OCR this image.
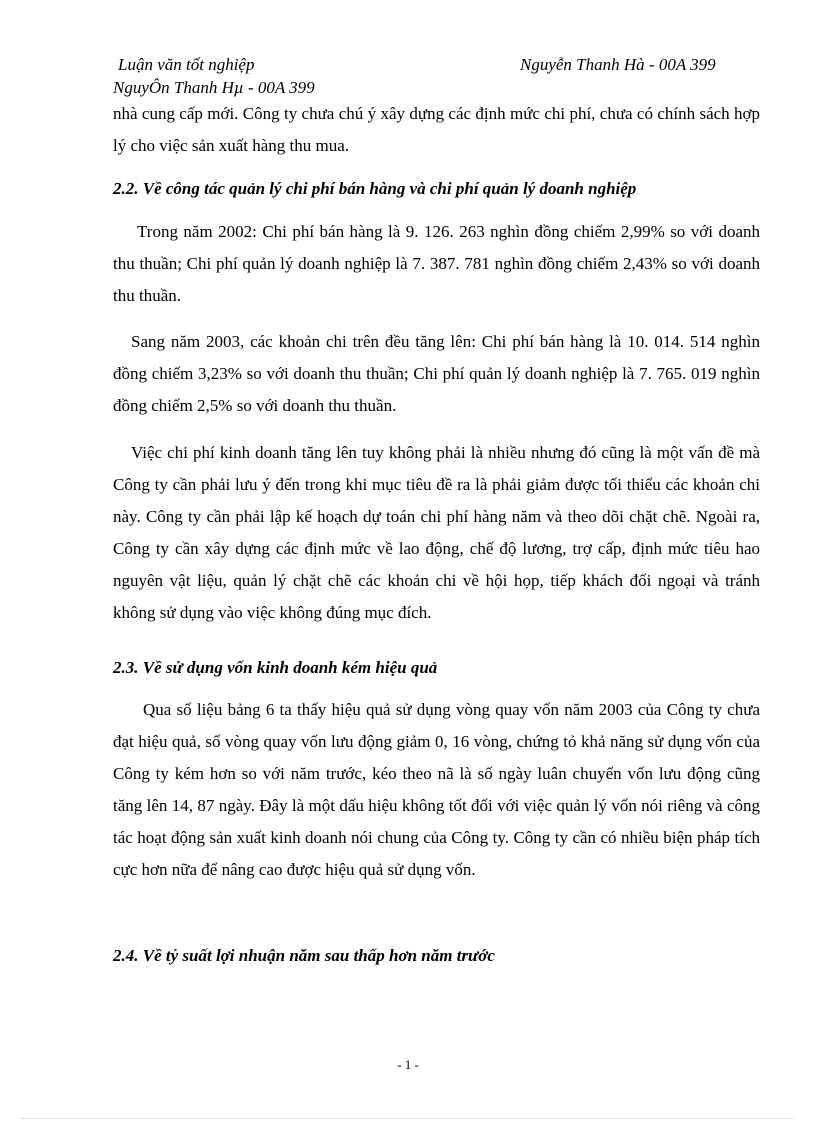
Luận văn tốt nghiệp	Nguyễn Thanh Hà - 00A 399
NguyÔn Thanh Hµ - 00A 399

nhà cung cấp mới. Công ty chưa chú ý xây dựng các định mức chi phí, chưa có chính sách hợp lý cho việc sản xuất hàng thu mua.

2.2. Về công tác quản lý chi phí bán hàng và chi phí quản lý doanh nghiệp

Trong năm 2002: Chi phí bán hàng là 9. 126. 263 nghìn đồng chiếm 2,99% so với doanh thu thuần; Chi phí quản lý doanh nghiệp là 7. 387. 781 nghìn đồng chiếm 2,43% so với doanh thu thuần.

Sang năm 2003, các khoản chi trên đều tăng lên: Chi phí bán hàng là 10. 014. 514 nghìn đồng chiếm 3,23% so với doanh thu thuần; Chi phí quản lý doanh nghiệp là 7. 765. 019 nghìn đồng chiếm 2,5% so với doanh thu thuần.

Việc chi phí kinh doanh tăng lên tuy không phải là nhiều nhưng đó cũng là một vấn đề mà Công ty cần phải lưu ý đến trong khi mục tiêu đề ra là phải giảm được tối thiểu các khoản chi này. Công ty cần phải lập kế hoạch dự toán chi phí hàng năm và theo dõi chặt chẽ. Ngoài ra, Công ty cần xây dựng các định mức về lao động, chế độ lương, trợ cấp, định mức tiêu hao nguyên vật liệu, quản lý chặt chẽ các khoản chi về hội họp, tiếp khách đối ngoại và tránh không sử dụng vào việc không đúng mục đích.

2.3. Về sử dụng vốn kinh doanh kém hiệu quả

Qua số liệu bảng 6 ta thấy hiệu quả sử dụng vòng quay vốn năm 2003 của Công ty chưa đạt hiệu quả, số vòng quay vốn lưu động giảm 0, 16 vòng, chứng tỏ khả năng sử dụng vốn của Công ty kém hơn so với năm trước, kéo theo nã là số ngày luân chuyển vốn lưu động cũng tăng lên 14, 87 ngày. Đây là một dấu hiệu không tốt đối với việc quản lý vốn nói riêng và công tác hoạt động sản xuất kinh doanh nói chung của Công ty. Công ty cần có nhiều biện pháp tích cực hơn nữa để nâng cao được hiệu quả sử dụng vốn.

2.4. Về tỷ suất lợi nhuận năm sau thấp hơn năm trước
- 1 -
